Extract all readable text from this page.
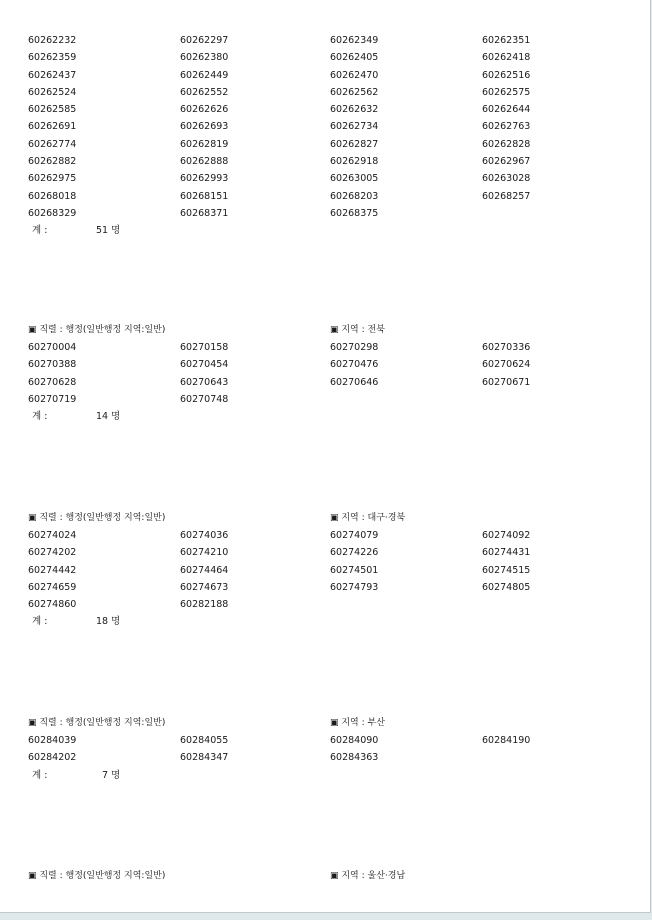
60262232	60262297	60262349	60262351
60262359	60262380	60262405	60262418
60262437	60262449	60262470	60262516
60262524	60262552	60262562	60262575
60262585	60262626	60262632	60262644
60262691	60262693	60262734	60262763
60262774	60262819	60262827	60262828
60262882	60262888	60262918	60262967
60262975	60262993	60263005	60263028
60268018	60268151	60268203	60268257
60268329	60268371	60268375
계 :	51 명
▣ 직렬 : 행정(일반행정 지역:일반)	▣ 지역 : 전북
60270004	60270158	60270298	60270336
60270388	60270454	60270476	60270624
60270628	60270643	60270646	60270671
60270719	60270748
계 :	14 명
▣ 직렬 : 행정(일반행정 지역:일반)	▣ 지역 : 대구·경북
60274024	60274036	60274079	60274092
60274202	60274210	60274226	60274431
60274442	60274464	60274501	60274515
60274659	60274673	60274793	60274805
60274860	60282188
계 :	18 명
▣ 직렬 : 행정(일반행정 지역:일반)	▣ 지역 : 부산
60284039	60284055	60284090	60284190
60284202	60284347	60284363
계 :	7 명
▣ 직렬 : 행정(일반행정 지역:일반)	▣ 지역 : 울산·경남
